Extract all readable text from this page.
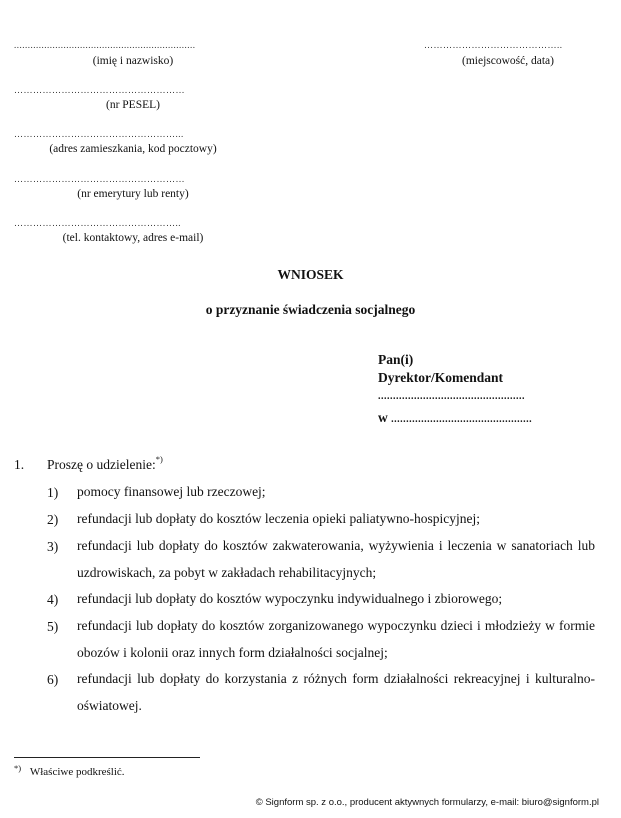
..................................................................
(imię i nazwisko)
………………………………………………
(nr PESEL)
……………………………………………...
(adres zamieszkania, kod pocztowy)
………………………………………………
(nr emerytury lub renty)
……………………………………………..
(tel. kontaktowy, adres e-mail)
……………………………………..
(miejscowość, data)
WNIOSEK
o przyznanie świadczenia socjalnego
Pan(i)
Dyrektor/Komendant
.................................................
w ...............................................
1. Proszę o udzielenie:*)
1) pomocy finansowej lub rzeczowej;
2) refundacji lub dopłaty do kosztów leczenia opieki paliatywno-hospicyjnej;
3) refundacji lub dopłaty do kosztów zakwaterowania, wyżywienia i leczenia w sanatoriach lub uzdrowiskach, za pobyt w zakładach rehabilitacyjnych;
4) refundacji lub dopłaty do kosztów wypoczynku indywidualnego i zbiorowego;
5) refundacji lub dopłaty do kosztów zorganizowanego wypoczynku dzieci i młodzieży w formie obozów i kolonii oraz innych form działalności socjalnej;
6) refundacji lub dopłaty do korzystania z różnych form działalności rekreacyjnej i kulturalno-oświatowej.
*) Właściwe podkreślić.
© Signform sp. z o.o., producent aktywnych formularzy, e-mail: biuro@signform.pl
